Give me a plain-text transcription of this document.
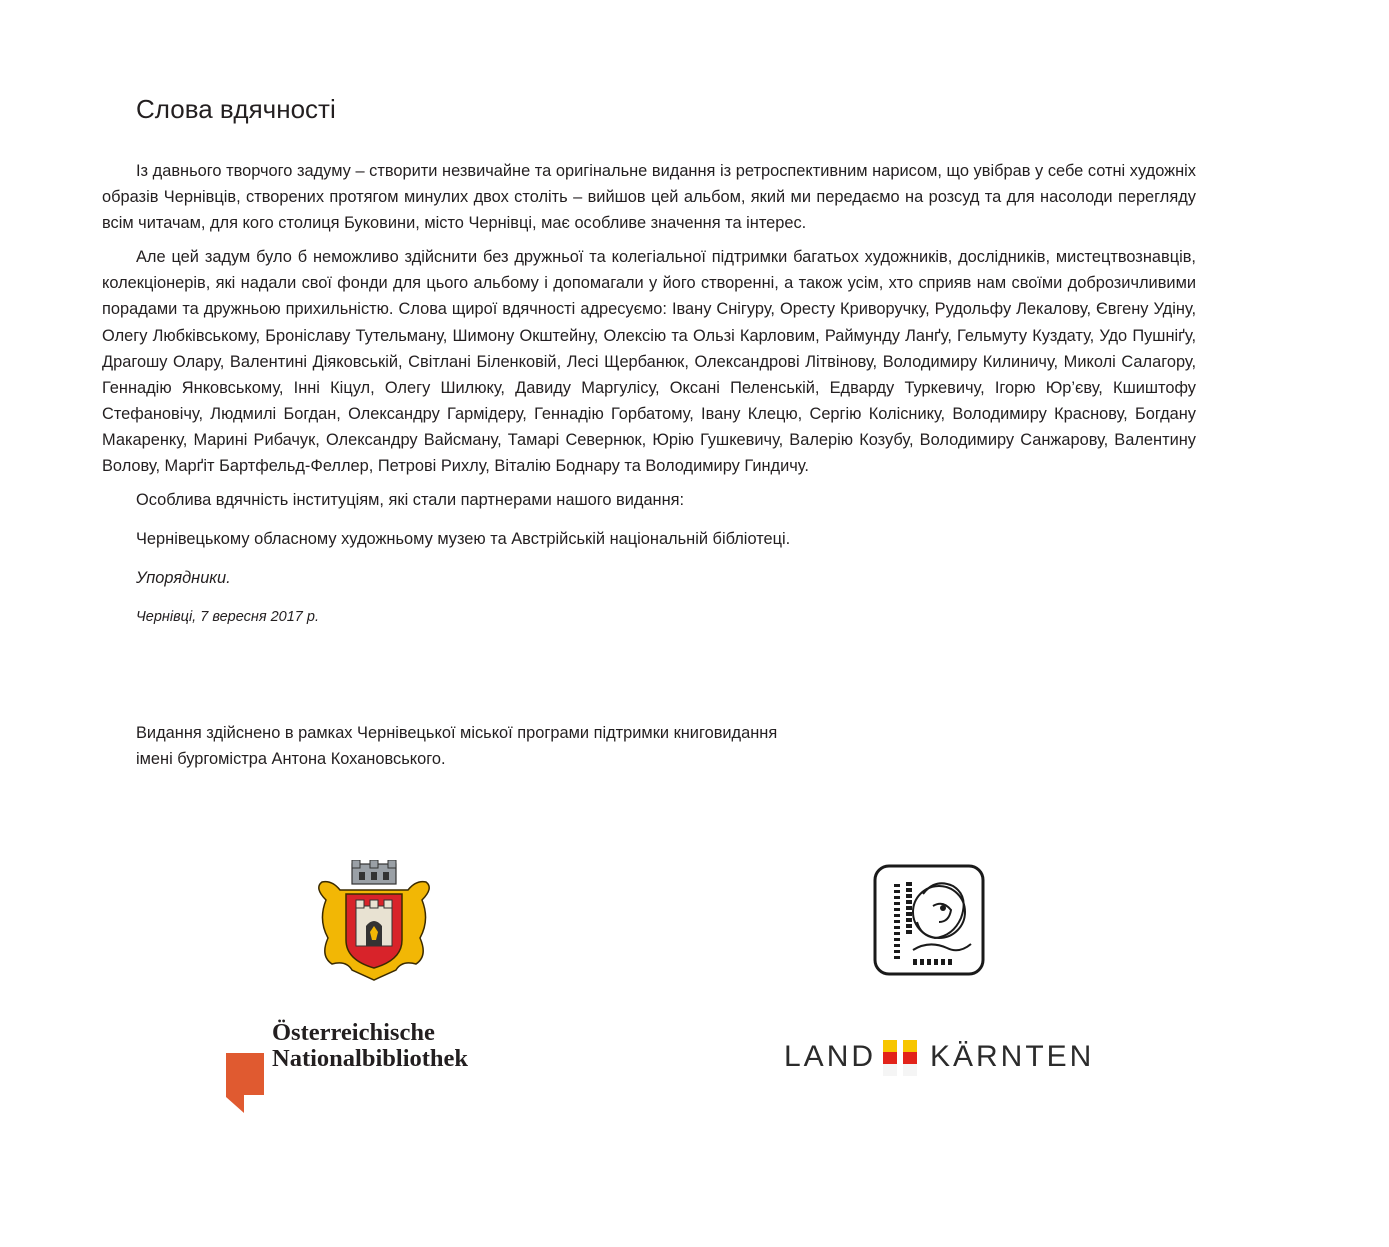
Слова вдячності

Із давнього творчого задуму – створити незвичайне та оригінальне видання із ретроспективним нарисом, що увібрав у себе сотні художніх образів Чернівців, створених протягом минулих двох століть – вийшов цей альбом, який ми передаємо на розсуд та для насолоди перегляду всім читачам, для кого столиця Буковини, місто Чернівці, має особливе значення та інтерес.

Але цей задум було б неможливо здійснити без дружньої та колегіальної підтримки багатьох художників, дослідників, мистецтвознавців, колекціонерів, які надали свої фонди для цього альбому і допомагали у його створенні, а також усім, хто сприяв нам своїми доброзичливими порадами та дружньою прихильністю. Слова щирої вдячності адресуємо: Івану Снігуру, Оресту Криворучку, Рудольфу Лекалову, Євгену Удіну, Олегу Любківському, Броніславу Тутельману, Шимону Окштейну, Олексію та Ользі Карловим, Раймунду Ланґу, Гельмуту Куздату, Удо Пушніґу, Драгошу Олару, Валентині Діяковській, Світлані Біленковій, Лесі Щербанюк, Олександрові Літвінову, Володимиру Килиничу, Миколі Салагору, Геннадію Янковському, Інні Кіцул, Олегу Шилюку, Давиду Маргулісу, Оксані Пеленській, Едварду Туркевичу, Ігорю Юр’єву, Кшиштофу Стефановічу, Людмилі Богдан, Олександру Гармідеру, Геннадію Горбатому, Івану Клецю, Сергію Коліснику, Володимиру Краснову, Богдану Макаренку, Марині Рибачук, Олександру Вайсману, Тамарі Севернюк, Юрію Гушкевичу, Валерію Козубу, Володимиру Санжарову, Валентину Волову, Марґіт Бартфельд-Феллер, Петрові Рихлу, Віталію Боднару та Володимиру Гиндичу.

Особлива вдячність інституціям, які стали партнерами нашого видання:
Чернівецькому обласному художньому музею та Австрійській національній бібліотеці.
Упорядники.
Чернівці, 7 вересня 2017 р.
Видання здійснено в рамках Чернівецької міської програми підтримки книговидання
імені бургомістра Антона Кохановського.
Österreichische
Nationalbibliothek	LAND KÄRNTEN
